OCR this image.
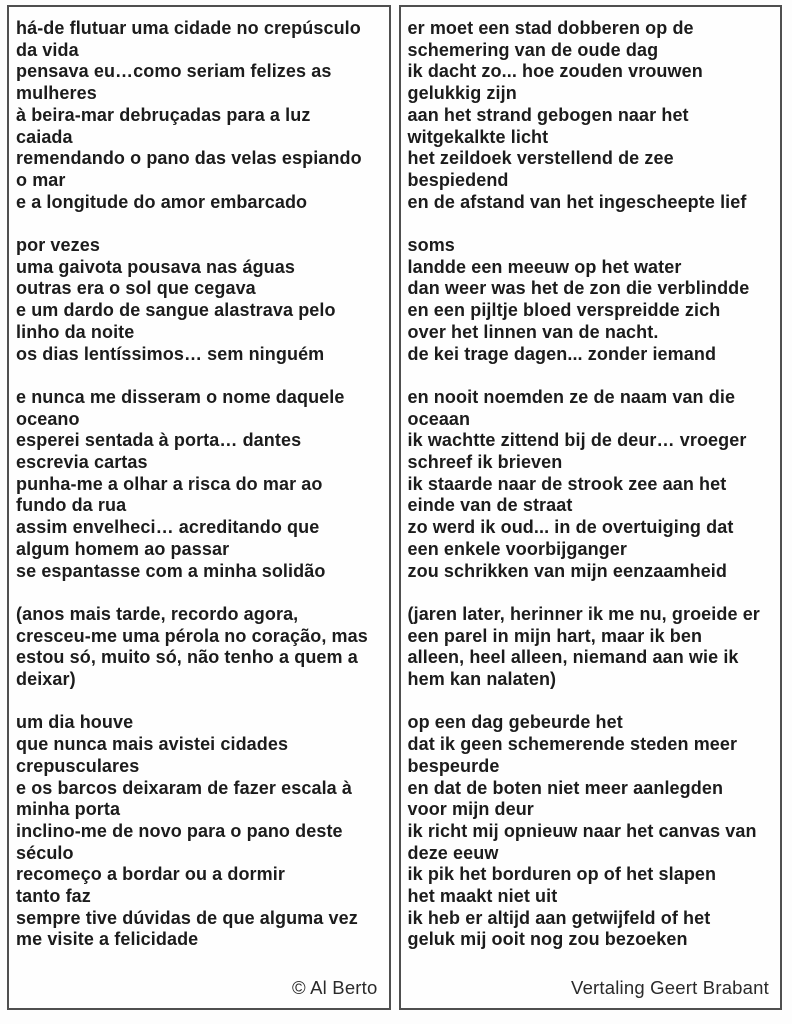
há-de flutuar uma cidade no crepúsculo
da vida
pensava eu…como seriam felizes as
mulheres
à beira-mar debruçadas para a luz
caiada
remendando o pano das velas espiando
o mar
e a longitude do amor embarcado

por vezes
uma gaivota pousava nas águas
outras era o sol que cegava
e um dardo de sangue alastrava pelo
linho da noite
os dias lentíssimos… sem ninguém

e nunca me disseram o nome daquele
oceano
esperei sentada à porta… dantes
escrevia cartas
punha-me a olhar a risca do mar ao
fundo da rua
assim envelheci… acreditando que
algum homem ao passar
se espantasse com a minha solidão

(anos mais tarde, recordo agora,
cresceu-me uma pérola no coração, mas
estou só, muito só, não tenho a quem a
deixar)

um dia houve
que nunca mais avistei cidades
crepusculares
e os barcos deixaram de fazer escala à
minha porta
inclino-me de novo para o pano deste
século
recomeço a bordar ou a dormir
tanto faz
sempre tive dúvidas de que alguma vez
me visite a felicidade

© Al Berto

er moet een stad dobberen op de
schemering van de oude dag
ik dacht zo... hoe zouden vrouwen
gelukkig zijn
aan het strand gebogen naar het
witgekalkte licht
het zeildoek verstellend de zee
bespiedend
en de afstand van het ingescheepte lief

soms
landde een meeuw op het water
dan weer was het de zon die verblindde
en een pijltje bloed verspreidde zich
over het linnen van de nacht.
de kei trage dagen... zonder iemand

en nooit noemden ze de naam van die
oceaan
ik wachtte zittend bij de deur… vroeger
schreef ik brieven
ik staarde naar de strook zee aan het
einde van de straat
zo werd ik oud... in de overtuiging dat
een enkele voorbijganger
zou schrikken van mijn eenzaamheid

(jaren later, herinner ik me nu, groeide er
een parel in mijn hart, maar ik ben
alleen, heel alleen, niemand aan wie ik
hem kan nalaten)

op een dag gebeurde het
dat ik geen schemerende steden meer
bespeurde
en dat de boten niet meer aanlegden
voor mijn deur
ik richt mij opnieuw naar het canvas van
deze eeuw
ik pik het borduren op of het slapen
het maakt niet uit
ik heb er altijd aan getwijfeld of het
geluk mij ooit nog zou bezoeken

Vertaling Geert Brabant
